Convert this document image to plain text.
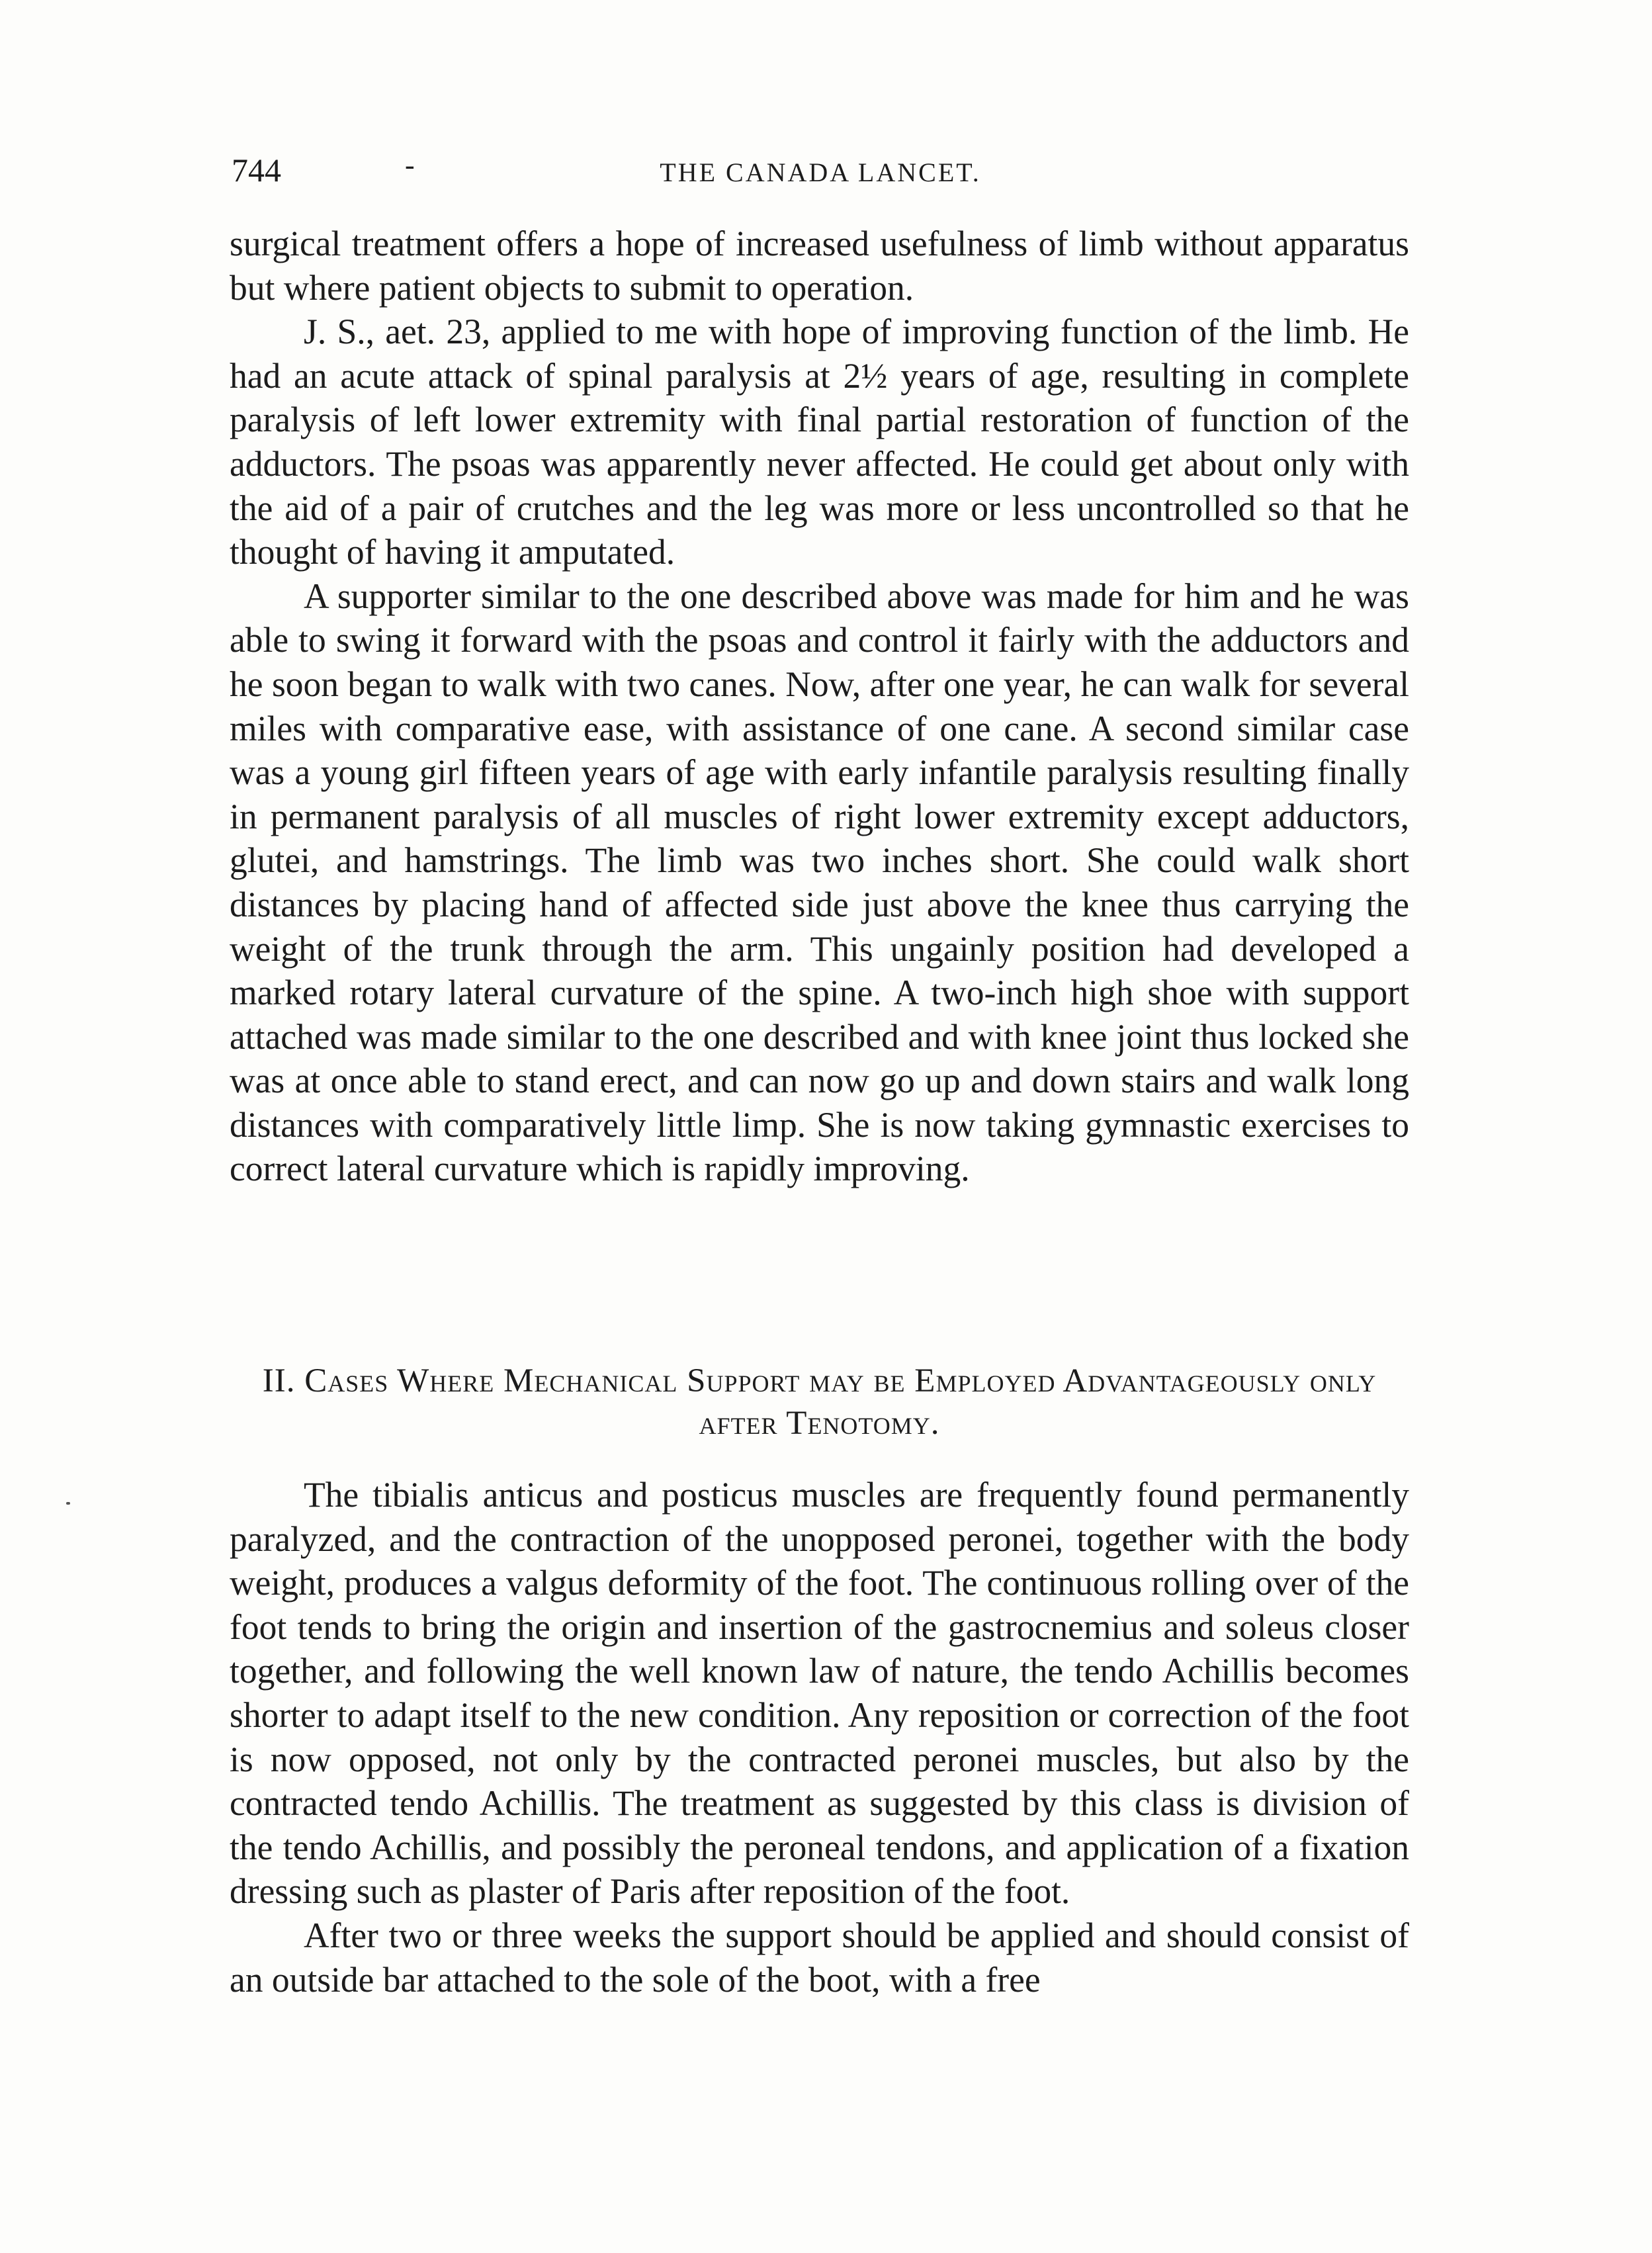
744	-	THE CANADA LANCET.

surgical treatment offers a hope of increased usefulness of limb without apparatus but where patient objects to submit to operation.

J. S., aet. 23, applied to me with hope of improving function of the limb. He had an acute attack of spinal paralysis at 2½ years of age, resulting in complete paralysis of left lower extremity with final partial restoration of function of the adductors. The psoas was apparently never affected. He could get about only with the aid of a pair of crutches and the leg was more or less uncontrolled so that he thought of having it amputated.

A supporter similar to the one described above was made for him and he was able to swing it forward with the psoas and control it fairly with the adductors and he soon began to walk with two canes. Now, after one year, he can walk for several miles with comparative ease, with assistance of one cane. A second similar case was a young girl fifteen years of age with early infantile paralysis resulting finally in permanent paralysis of all muscles of right lower extremity except adductors, glutei, and hamstrings. The limb was two inches short. She could walk short distances by placing hand of affected side just above the knee thus carrying the weight of the trunk through the arm. This ungainly position had developed a marked rotary lateral curvature of the spine. A two-inch high shoe with support attached was made similar to the one described and with knee joint thus locked she was at once able to stand erect, and can now go up and down stairs and walk long distances with comparatively little limp. She is now taking gymnastic exercises to correct lateral curvature which is rapidly improving.

II. Cases Where Mechanical Support may be Employed Advantageously only after Tenotomy.

The tibialis anticus and posticus muscles are frequently found permanently paralyzed, and the contraction of the unopposed peronei, together with the body weight, produces a valgus deformity of the foot. The continuous rolling over of the foot tends to bring the origin and insertion of the gastrocnemius and soleus closer together, and following the well known law of nature, the tendo Achillis becomes shorter to adapt itself to the new condition. Any reposition or correction of the foot is now opposed, not only by the contracted peronei muscles, but also by the contracted tendo Achillis. The treatment as suggested by this class is division of the tendo Achillis, and possibly the peroneal tendons, and application of a fixation dressing such as plaster of Paris after reposition of the foot.

After two or three weeks the support should be applied and should consist of an outside bar attached to the sole of the boot, with a free
